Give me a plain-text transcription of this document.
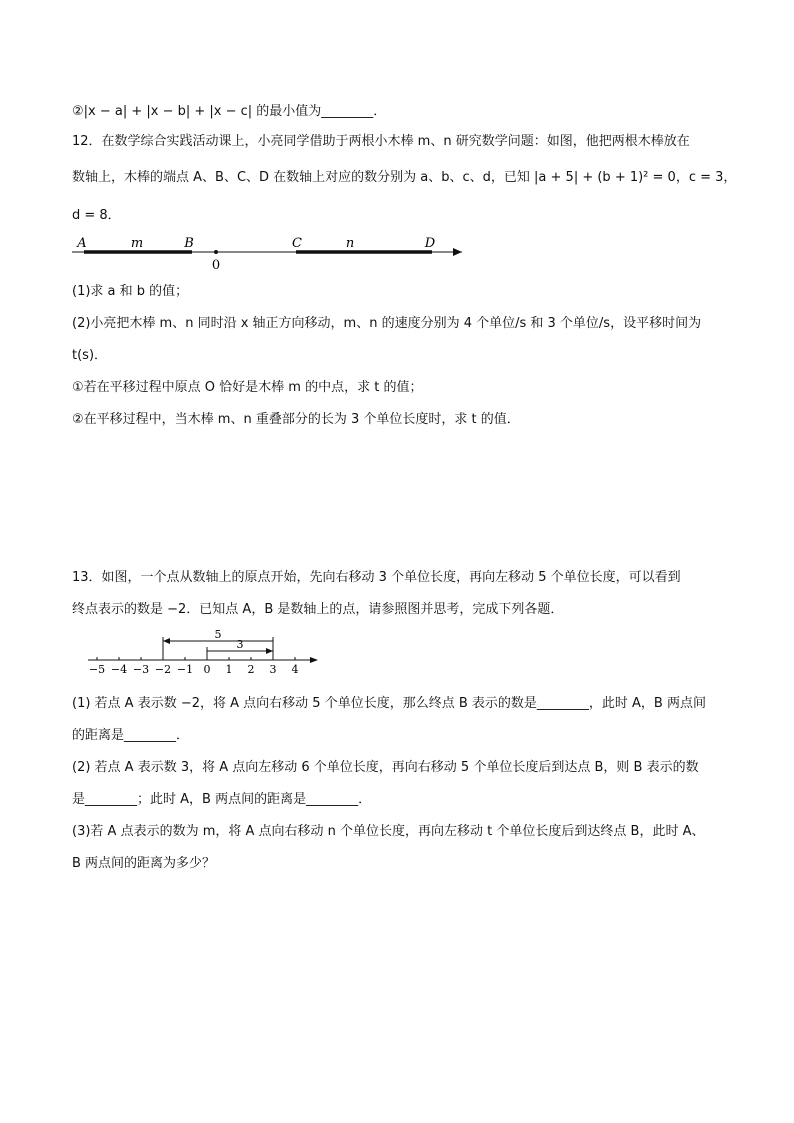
②|x − a| + |x − b| + |x − c| 的最小值为________．
12．在数学综合实践活动课上，小亮同学借助于两根小木棒 m、n 研究数学问题：如图，他把两根木棒放在
数轴上，木棒的端点 A、B、C、D 在数轴上对应的数分别为 a、b、c、d，已知 |a + 5| + (b + 1)² = 0，c = 3，
d = 8．
A	m	B	C	n	D
0
(1)求 a 和 b 的值；
(2)小亮把木棒 m、n 同时沿 x 轴正方向移动，m、n 的速度分别为 4 个单位/s 和 3 个单位/s，设平移时间为
t(s)．
①若在平移过程中原点 O 恰好是木棒 m 的中点，求 t 的值；
②在平移过程中，当木棒 m、n 重叠部分的长为 3 个单位长度时，求 t 的值．
13．如图，一个点从数轴上的原点开始，先向右移动 3 个单位长度，再向左移动 5 个单位长度，可以看到
终点表示的数是 −2．已知点 A，B 是数轴上的点，请参照图并思考，完成下列各题．
−5 −4 −3 −2 −1 0 1 2 3 4
5
3
(1) 若点 A 表示数 −2，将 A 点向右移动 5 个单位长度，那么终点 B 表示的数是________，此时 A，B 两点间
的距离是________．
(2) 若点 A 表示数 3，将 A 点向左移动 6 个单位长度，再向右移动 5 个单位长度后到达点 B，则 B 表示的数
是________；此时 A，B 两点间的距离是________．
(3)若 A 点表示的数为 m，将 A 点向右移动 n 个单位长度，再向左移动 t 个单位长度后到达终点 B，此时 A、
B 两点间的距离为多少？
